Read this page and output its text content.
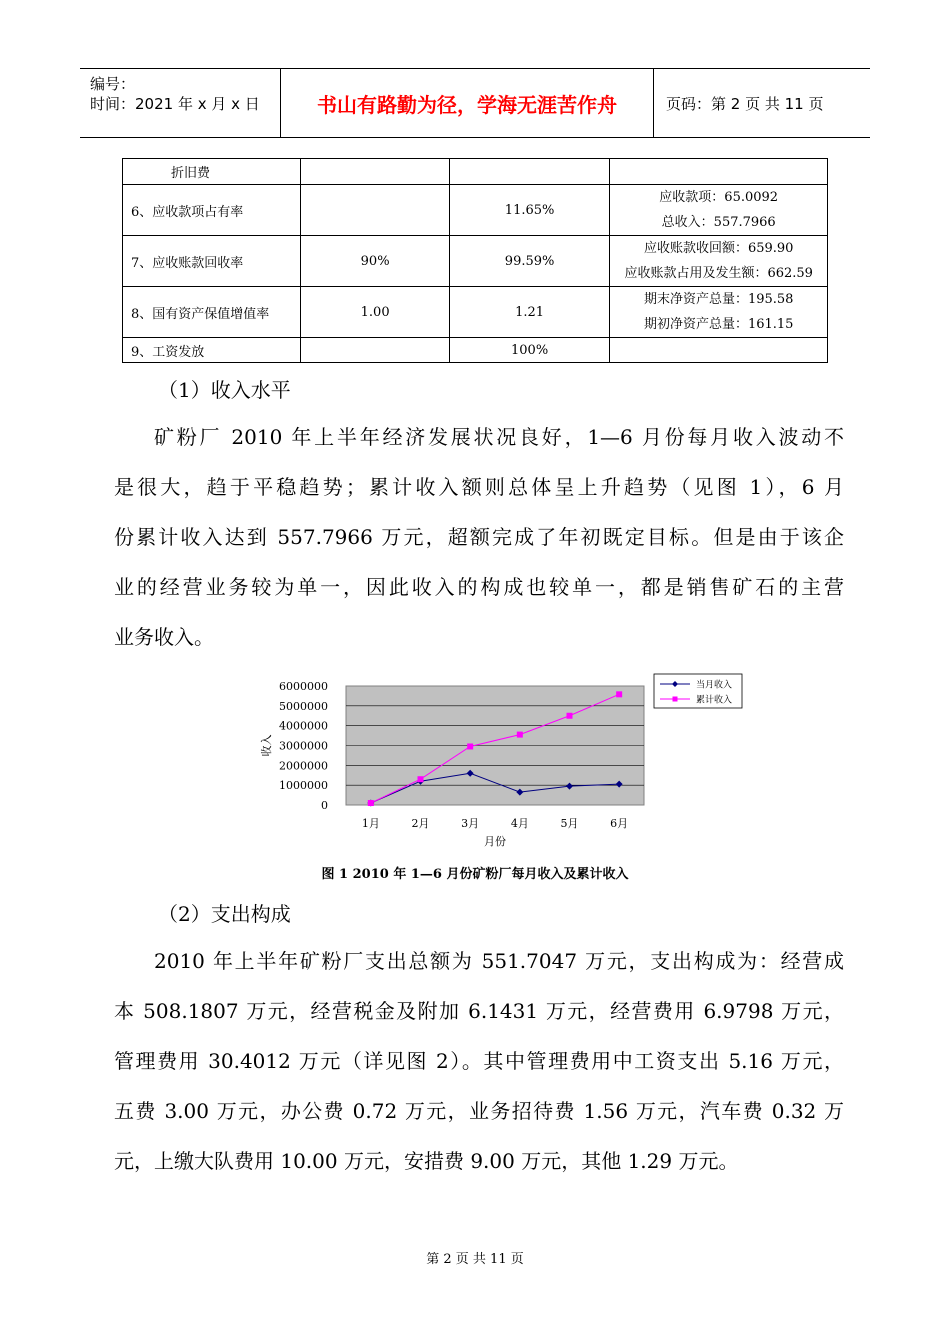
编号：
时间：2021 年 x 月 x 日	书山有路勤为径，学海无涯苦作舟	页码：第 2 页 共 11 页
折旧费			
6、应收款项占有率		11.65%	应收款项：65.0092
总收入：557.7966

7、应收账款回收率	90%	99.59%	应收账款收回额：659.90
应收账款占用及发生额：662.59

8、国有资产保值增值率	1.00	1.21	期末净资产总量：195.58
期初净资产总量：161.15

9、工资发放		100%	
（1）收入水平
矿粉厂 2010 年上半年经济发展状况良好，1—6 月份每月收入波动不
是很大，趋于平稳趋势；累计收入额则总体呈上升趋势（见图 1），6 月
份累计收入达到 557.7966 万元，超额完成了年初既定目标。但是由于该企
业的经营业务较为单一，因此收入的构成也较单一，都是销售矿石的主营
业务收入。
6000000
5000000
4000000
3000000
2000000
1000000
0
1月	2月	3月	4月	5月	6月
收入
月份
当月收入
累计收入
图 1 2010 年 1—6 月份矿粉厂每月收入及累计收入
（2）支出构成
2010 年上半年矿粉厂支出总额为 551.7047 万元，支出构成为：经营成
本 508.1807 万元，经营税金及附加 6.1431 万元，经营费用 6.9798 万元，
管理费用 30.4012 万元（详见图 2）。其中管理费用中工资支出 5.16 万元，
五费 3.00 万元，办公费 0.72 万元，业务招待费 1.56 万元，汽车费 0.32 万
元，上缴大队费用 10.00 万元，安措费 9.00 万元，其他 1.29 万元。
第 2 页 共 11 页
